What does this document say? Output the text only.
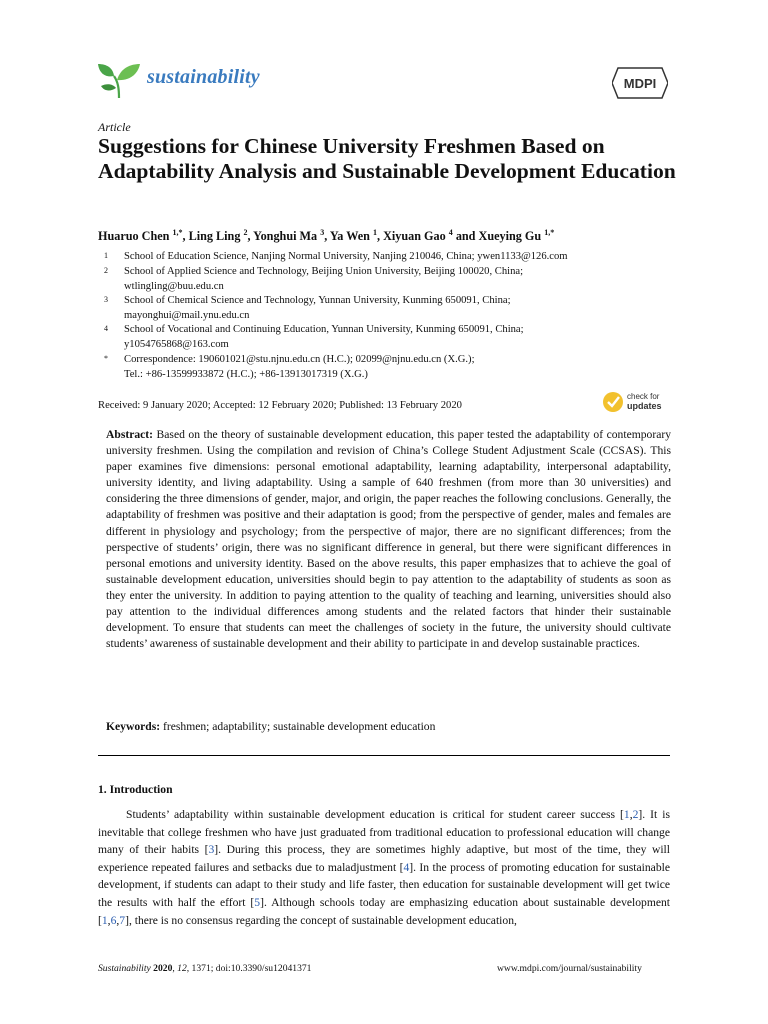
sustainability	MDPI
Article
Suggestions for Chinese University Freshmen Based on Adaptability Analysis and Sustainable Development Education
Huaruo Chen $^{1,*}$, Ling Ling $^2$, Yonghui Ma $^3$, Ya Wen $^1$, Xiyuan Gao $^4$ and Xueying Gu $^{1,*}$
1 School of Education Science, Nanjing Normal University, Nanjing 210046, China; ywen1133@126.com
2 School of Applied Science and Technology, Beijing Union University, Beijing 100020, China;
wtlingling@buu.edu.cn
3 School of Chemical Science and Technology, Yunnan University, Kunming 650091, China;
mayonghui@mail.ynu.edu.cn
4 School of Vocational and Continuing Education, Yunnan University, Kunming 650091, China;
y1054765868@163.com
* Correspondence: 190601021@stu.njnu.edu.cn (H.C.); 02099@njnu.edu.cn (X.G.);
Tel.: +86-13599933872 (H.C.); +86-13913017319 (X.G.)
Received: 9 January 2020; Accepted: 12 February 2020; Published: 13 February 2020
check for
updates
Abstract: Based on the theory of sustainable development education, this paper tested the adaptability of contemporary university freshmen. Using the compilation and revision of China’s College Student Adjustment Scale (CCSAS). This paper examines five dimensions: personal emotional adaptability, learning adaptability, interpersonal adaptability, university identity, and living adaptability. Using a sample of 640 freshmen (from more than 30 universities) and considering the three dimensions of gender, major, and origin, the paper reaches the following conclusions. Generally, the adaptability of freshmen was positive and their adaptation is good; from the perspective of gender, males and females are different in physiology and psychology; from the perspective of major, there are no significant differences; from the perspective of students’ origin, there was no significant difference in general, but there were significant differences in personal emotions and university identity. Based on the above results, this paper emphasizes that to achieve the goal of sustainable development education, universities should begin to pay attention to the adaptability of students as soon as they enter the university. In addition to paying attention to the quality of teaching and learning, universities should also pay attention to the individual differences among students and the related factors that hinder their sustainable development. To ensure that students can meet the challenges of society in the future, the university should cultivate students’ awareness of sustainable development and their ability to participate in and develop sustainable practices.
Keywords: freshmen; adaptability; sustainable development education
1. Introduction
Students’ adaptability within sustainable development education is critical for student career success [1,2]. It is inevitable that college freshmen who have just graduated from traditional education to professional education will change many of their habits [3]. During this process, they are sometimes highly adaptive, but most of the time, they will experience repeated failures and setbacks due to maladjustment [4]. In the process of promoting education for sustainable development, if students can adapt to their study and life faster, then education for sustainable development will get twice the results with half the effort [5]. Although schools today are emphasizing education about sustainable development [1,6,7], there is no consensus regarding the concept of sustainable development education,
Sustainability 2020, 12, 1371; doi:10.3390/su12041371	www.mdpi.com/journal/sustainability
